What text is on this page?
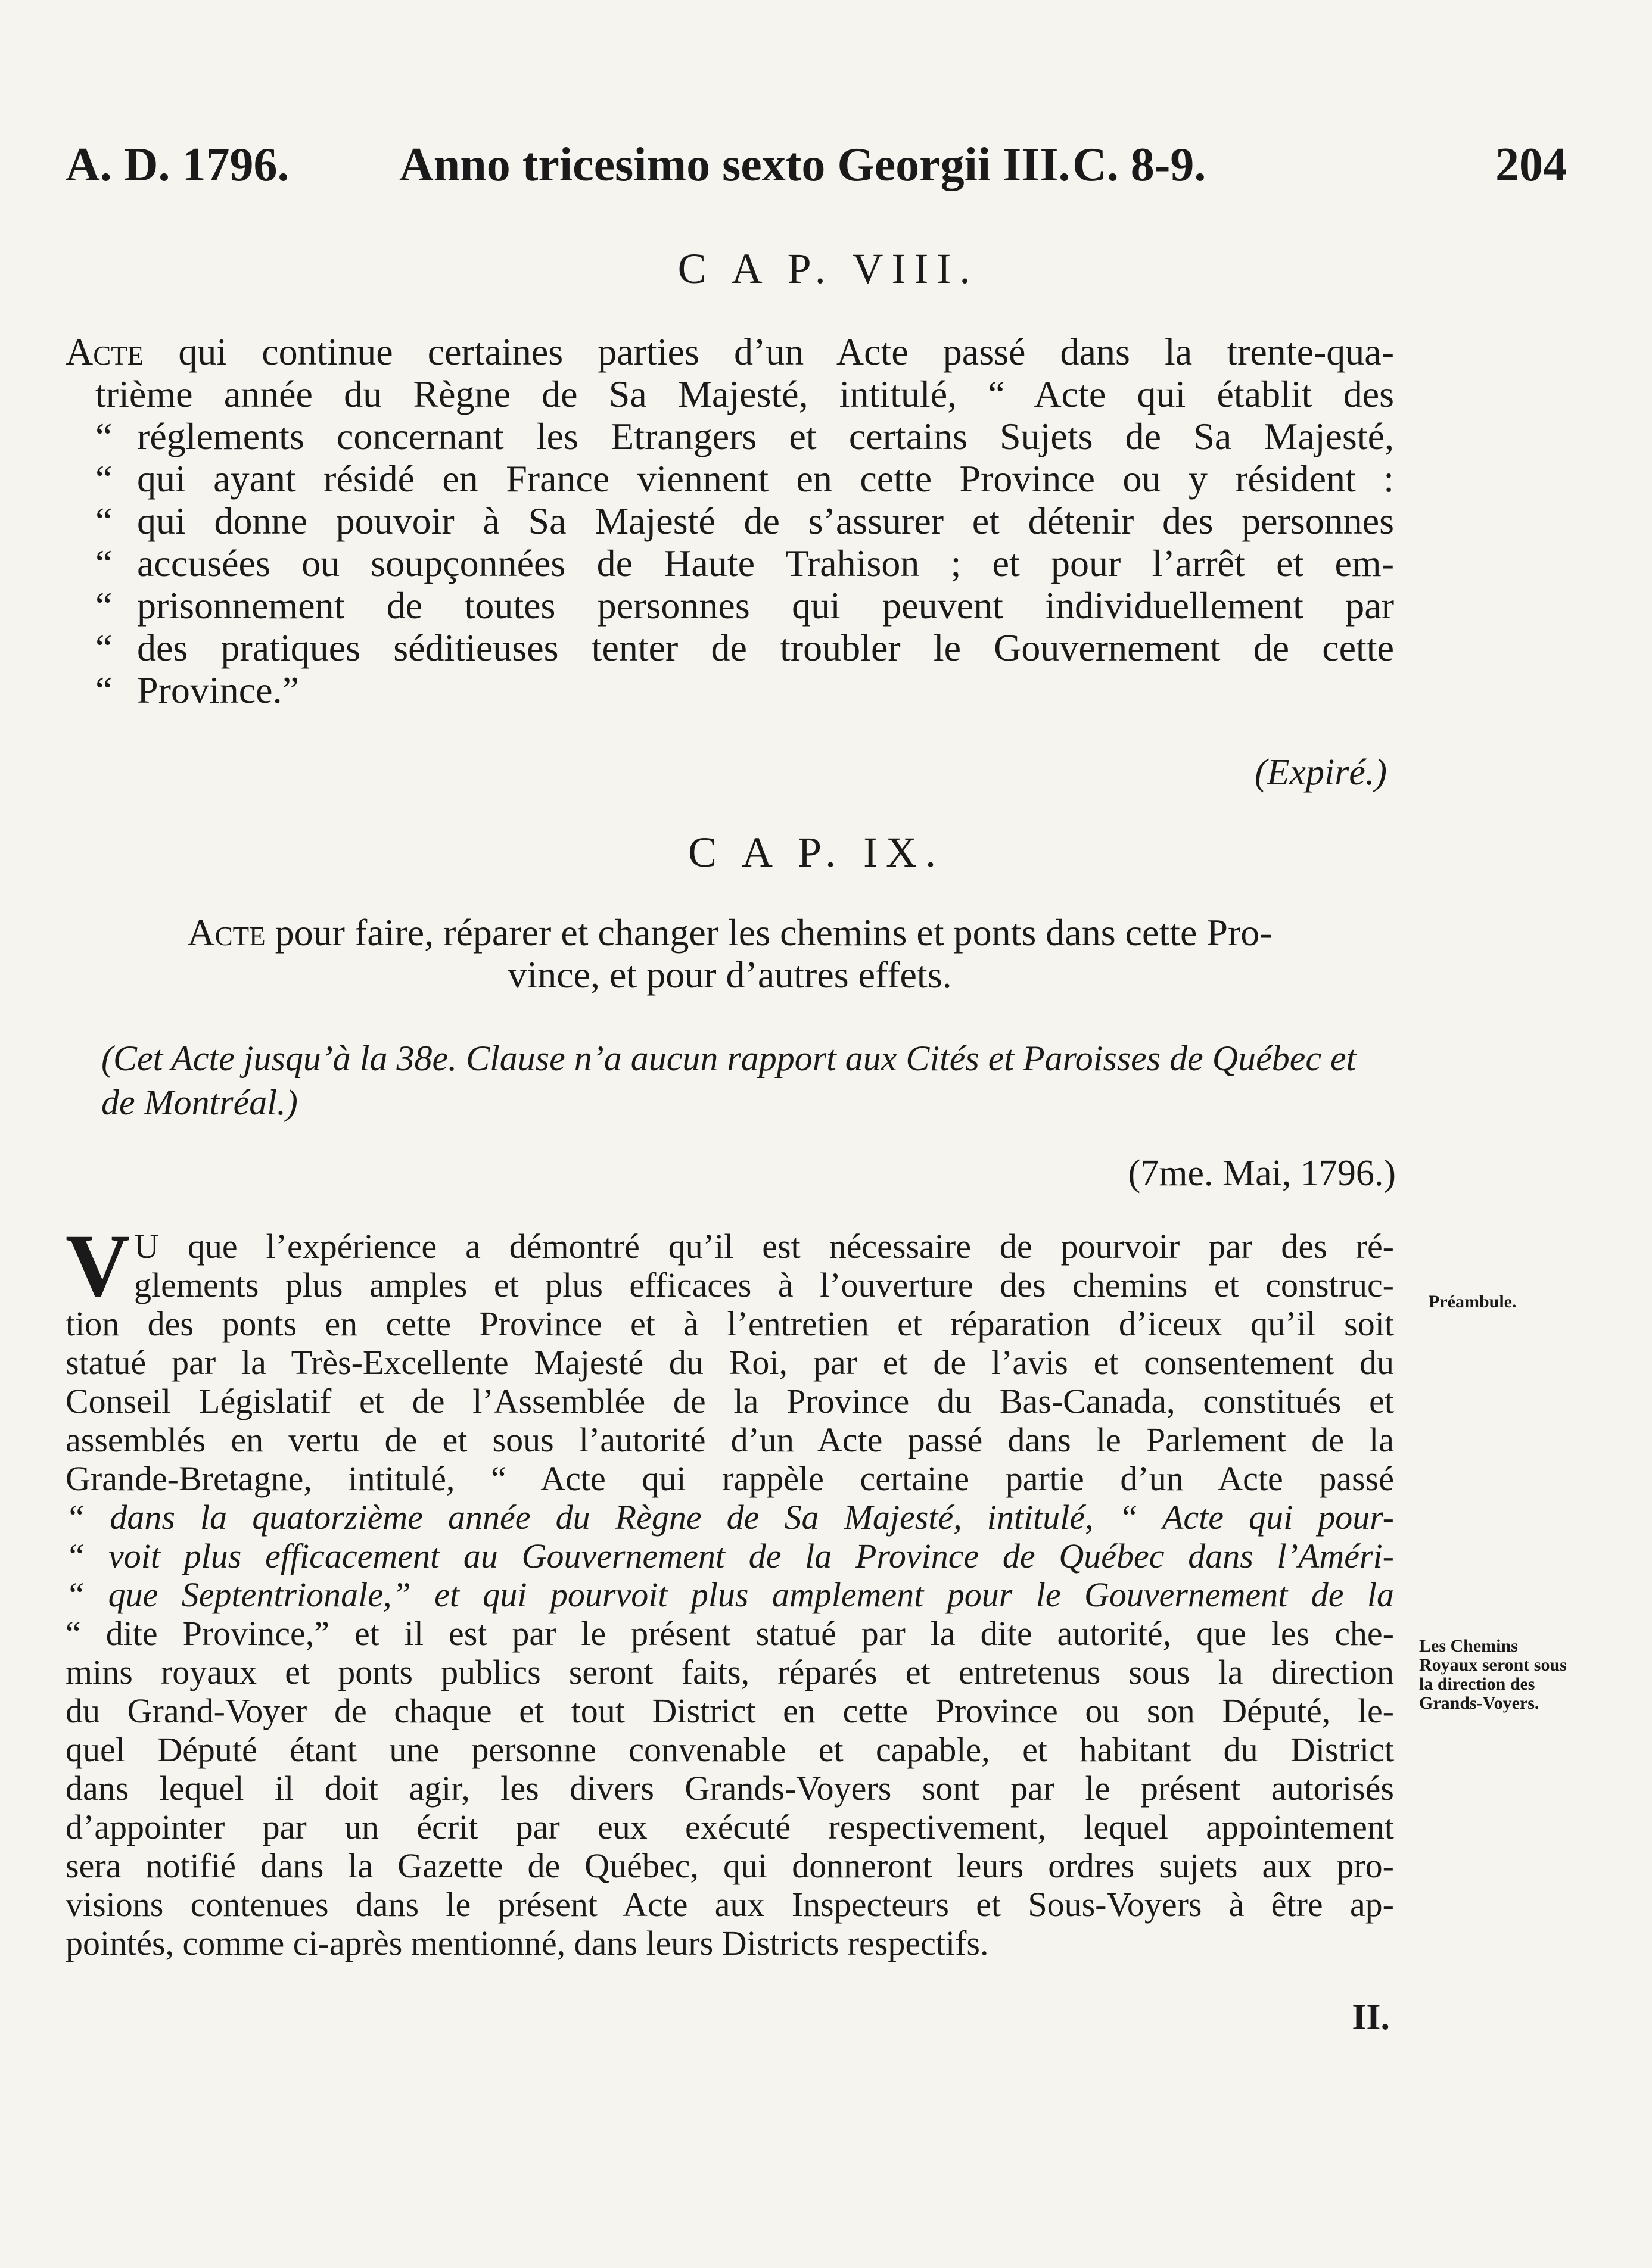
A. D. 1796. Anno tricesimo sexto Georgii III. C. 8-9.	204
C A P. VIII.
Acte qui continue certaines parties d’un Acte passé dans la trente-qua-
trième année du Règne de Sa Majesté, intitulé, “ Acte qui établit des
“ réglements concernant les Etrangers et certains Sujets de Sa Majesté,
“ qui ayant résidé en France viennent en cette Province ou y résident :
“ qui donne pouvoir à Sa Majesté de s’assurer et détenir des personnes
“ accusées ou soupçonnées de Haute Trahison ; et pour l’arrêt et em-
“ prisonnement de toutes personnes qui peuvent individuellement par
“ des pratiques séditieuses tenter de troubler le Gouvernement de cette
“ Province.”
(Expiré.)
C A P. IX.
Acte pour faire, réparer et changer les chemins et ponts dans cette Pro-
vince, et pour d’autres effets.
(Cet Acte jusqu’à la 38e. Clause n’a aucun rapport aux Cités et Paroisses de Québec et de Montréal.)
(7me. Mai, 1796.)
V U que l’expérience a démontré qu’il est nécessaire de pourvoir par des ré-
glements plus amples et plus efficaces à l’ouverture des chemins et construc-
tion des ponts en cette Province et à l’entretien et réparation d’iceux qu’il soit
statué par la Très-Excellente Majesté du Roi, par et de l’avis et consentement du
Conseil Législatif et de l’Assemblée de la Province du Bas-Canada, constitués et
assemblés en vertu de et sous l’autorité d’un Acte passé dans le Parlement de la
Grande-Bretagne, intitulé, “ Acte qui rappèle certaine partie d’un Acte passé
“ dans la quatorzième année du Règne de Sa Majesté, intitulé, “ Acte qui pour-
“ voit plus efficacement au Gouvernement de la Province de Québec dans l’Améri-
“ que Septentrionale,” et qui pourvoit plus amplement pour le Gouvernement de la
“ dite Province,” et il est par le présent statué par la dite autorité, que les che-
mins royaux et ponts publics seront faits, réparés et entretenus sous la direction
du Grand-Voyer de chaque et tout District en cette Province ou son Député, le-
quel Député étant une personne convenable et capable, et habitant du District
dans lequel il doit agir, les divers Grands-Voyers sont par le présent autorisés
d’appointer par un écrit par eux exécuté respectivement, lequel appointement
sera notifié dans la Gazette de Québec, qui donneront leurs ordres sujets aux pro-
visions contenues dans le présent Acte aux Inspecteurs et Sous-Voyers à être ap-
pointés, comme ci-après mentionné, dans leurs Districts respectifs.
Préambule.
Les Chemins Royaux seront sous la direction des Grands-Voyers.
II.
